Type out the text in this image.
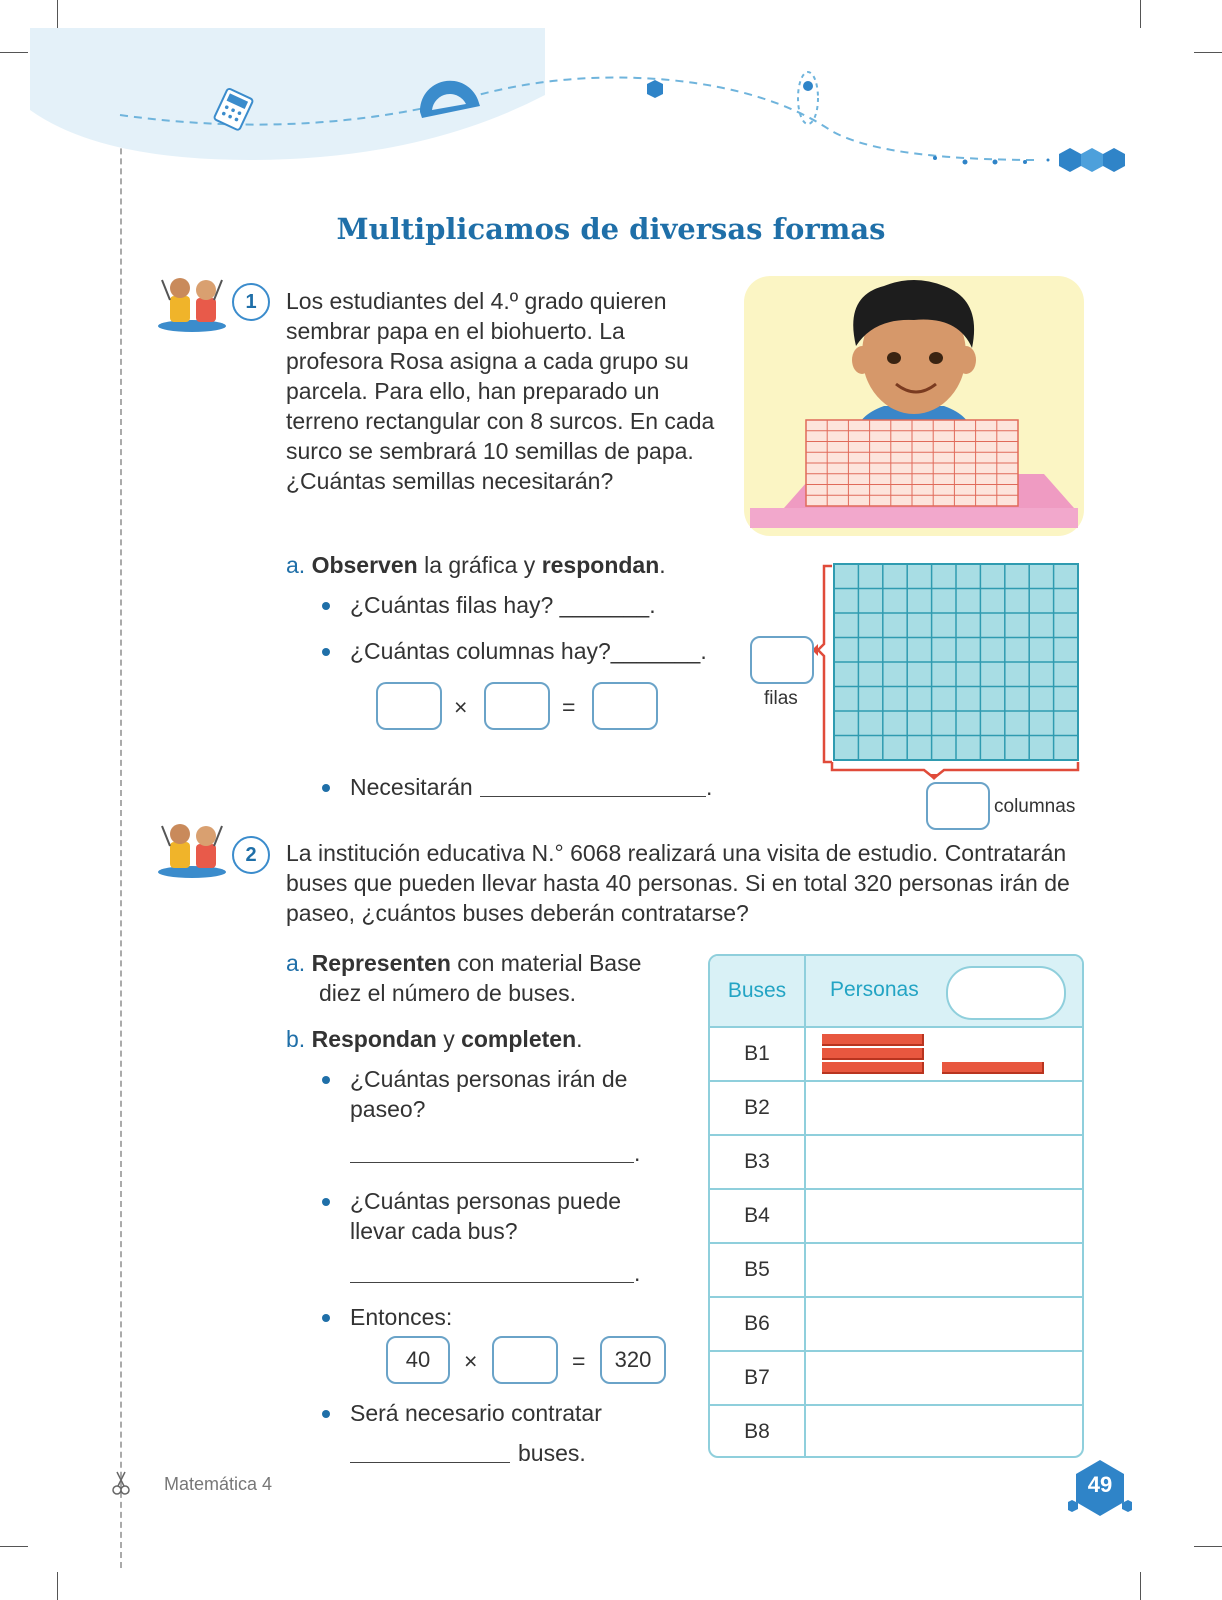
Multiplicamos de diversas formas
1	Los estudiantes del 4.º grado quieren
sembrar papa en el biohuerto. La
profesora Rosa asigna a cada grupo su
parcela. Para ello, han preparado un
terreno rectangular con 8 surcos. En cada
surco se sembrará 10 semillas de papa.
¿Cuántas semillas necesitarán?
a. Observen la gráfica y respondan.
¿Cuántas filas hay? _______.
¿Cuántas columnas hay?_______.
×	=
Necesitarán	.
filas
columnas
2	La institución educativa N.° 6068 realizará una visita de estudio. Contratarán
buses que pueden llevar hasta 40 personas. Si en total 320 personas irán de
paseo, ¿cuántos buses deberán contratarse?
a. Representen con material Base
diez el número de buses.
b. Respondan y completen.
¿Cuántas personas irán de
paseo?
.
¿Cuántas personas puede
llevar cada bus?
.
Entonces:
40	×	=	320
Será necesario contratar
buses.
Buses	Personas
B1
B2
B3
B4
B5
B6
B7
B8
Matemática 4	49
